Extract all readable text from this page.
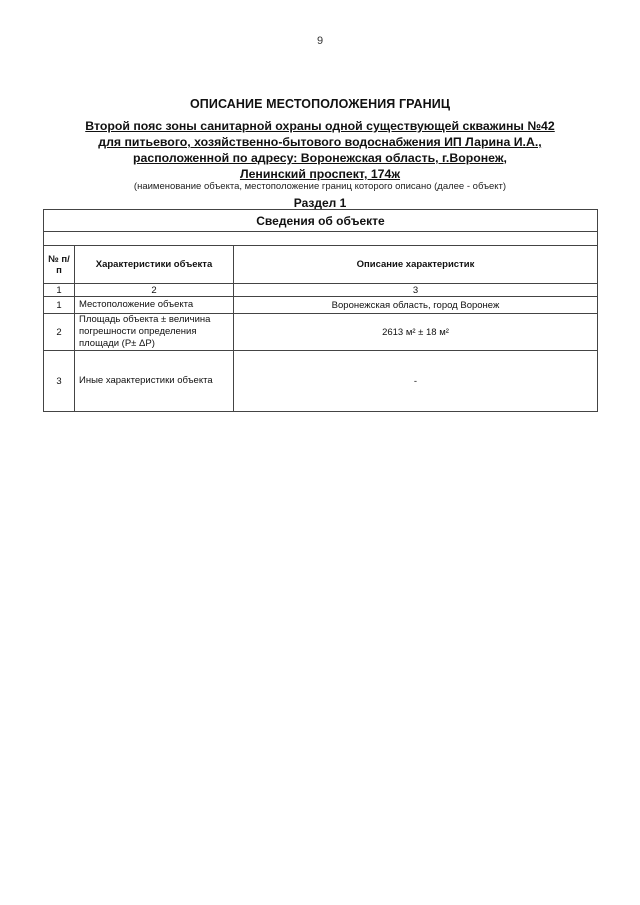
9
ОПИСАНИЕ МЕСТОПОЛОЖЕНИЯ ГРАНИЦ
Второй пояс зоны санитарной охраны одной существующей скважины №42
для питьевого, хозяйственно-бытового водоснабжения ИП Ларина И.А.,
расположенной по адресу: Воронежская область, г.Воронеж,
Ленинский проспект, 174ж
(наименование объекта, местоположение границ которого описано (далее - объект)
Раздел 1
Сведения об объекте		

№ п/п	Характеристики объекта	Описание характеристик
1	2	3
1	Местоположение объекта	Воронежская область, город Воронеж
2	Площадь объекта ± величина погрешности определения площади (Р± ΔР)	2613 м² ± 18 м²
3	Иные характеристики объекта	-
